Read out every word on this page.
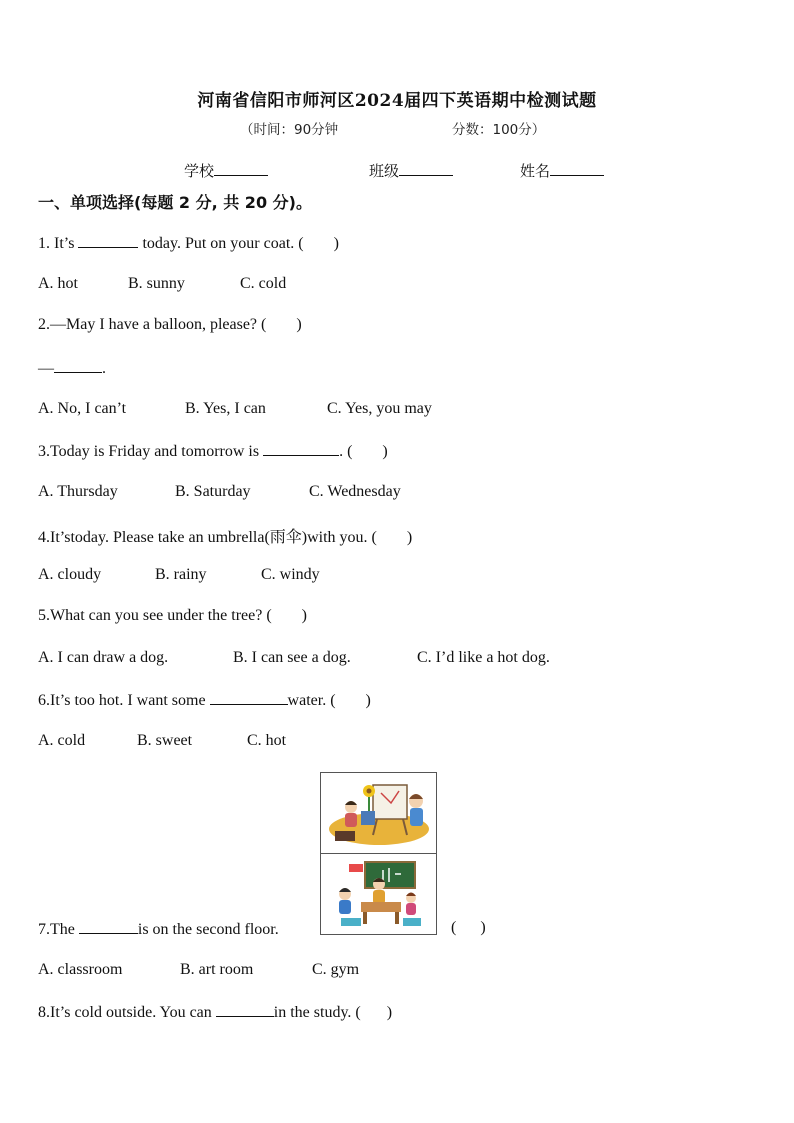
河南省信阳市师河区2024届四下英语期中检测试题
（时间：90分钟	分数：100分）
学校	班级	姓名
一、单项选择(每题 2 分, 共 20 分)。
1. It’s	today. Put on your coat. ( )
A. hot	B. sunny	C. cold
2.—May I have a balloon, please? ( )
—	.
A. No, I can’t	B. Yes, I can	C. Yes, you may
3.Today is Friday and tomorrow is	. ( )
A. Thursday	B. Saturday	C. Wednesday
4.It’stoday. Please take an umbrella(雨伞)with you. ( )
A. cloudy	B. rainy	C. windy
5.What can you see under the tree? ( )
A. I can draw a dog.	B. I can see a dog.	C. I’d like a hot dog.
6.It’s too hot. I want some	water. ( )
A. cold	B. sweet	C. hot
7.The	is on the second floor.	( )
A. classroom	B. art room	C. gym
8.It’s cold outside. You can	in the study. ( )
